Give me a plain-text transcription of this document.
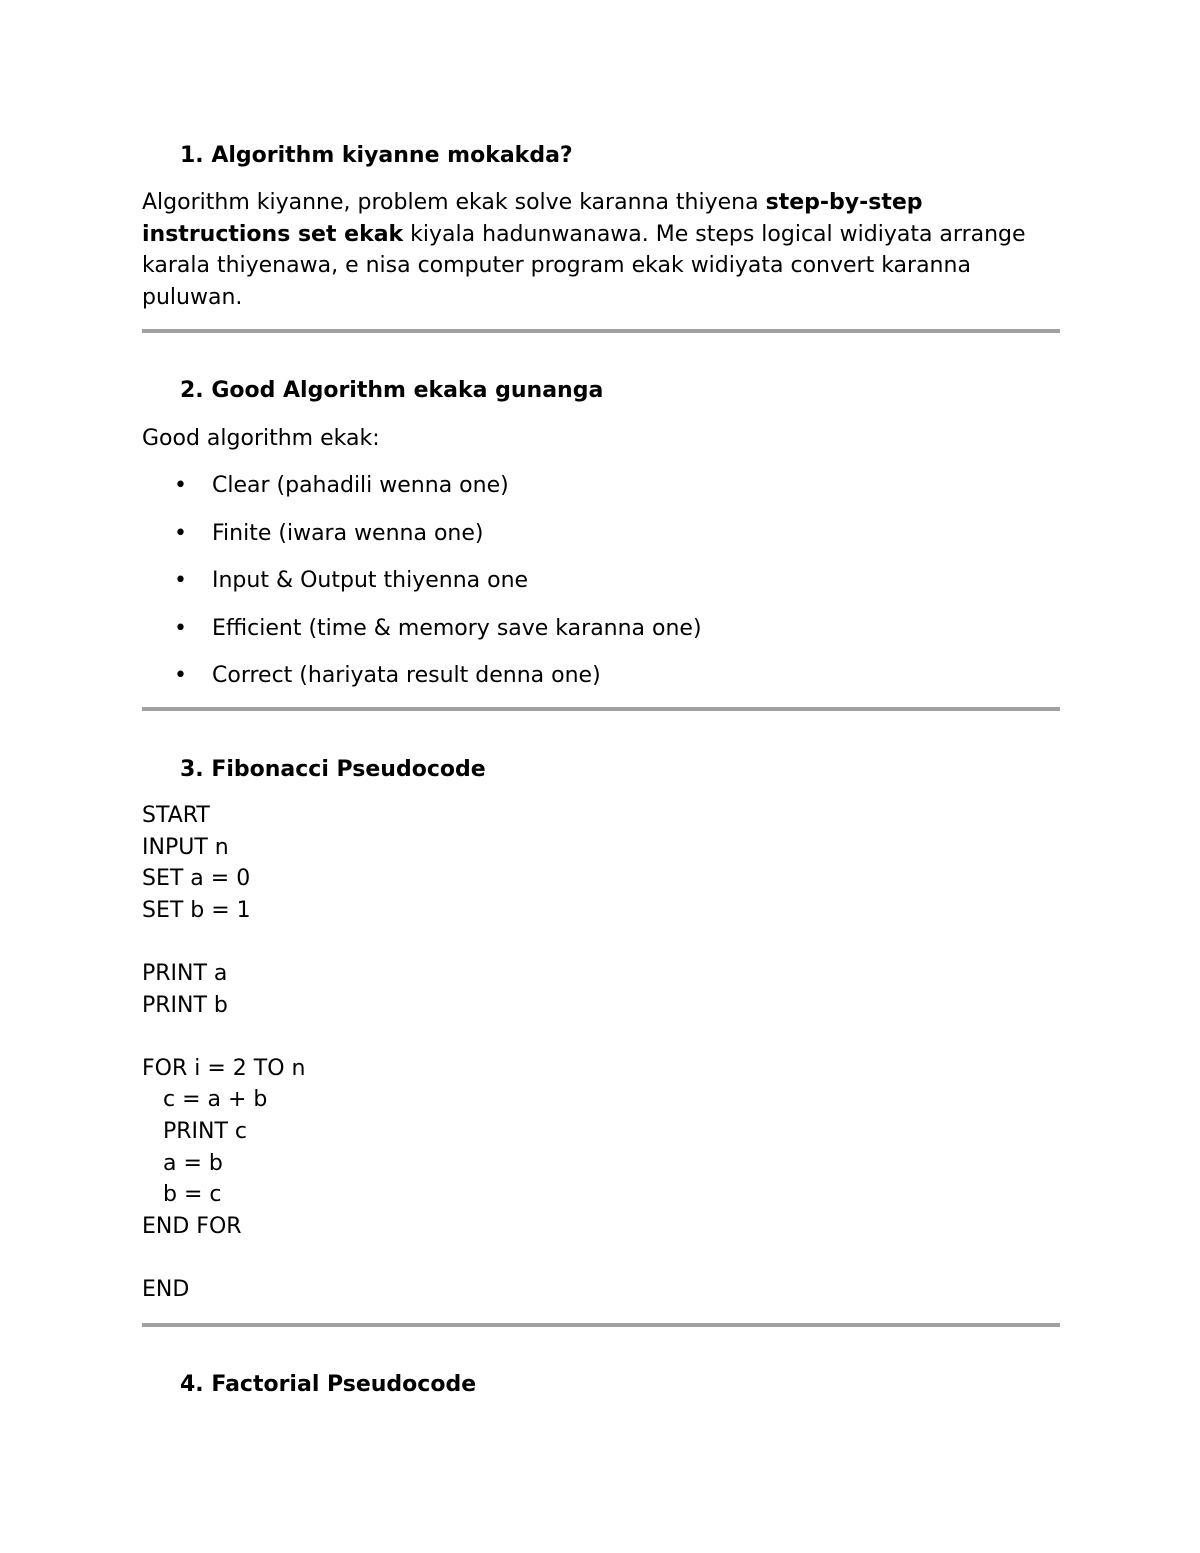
1. Algorithm kiyanne mokakda?
Algorithm kiyanne, problem ekak solve karanna thiyena step-by-step instructions set ekak kiyala hadunwanawa. Me steps logical widiyata arrange karala thiyenawa, e nisa computer program ekak widiyata convert karanna puluwan.
2. Good Algorithm ekaka gunanga
Good algorithm ekak:
• Clear (pahadili wenna one)
• Finite (iwara wenna one)
• Input & Output thiyenna one
• Efficient (time & memory save karanna one)
• Correct (hariyata result denna one)
3. Fibonacci Pseudocode
START
INPUT n
SET a = 0
SET b = 1

PRINT a
PRINT b

FOR i = 2 TO n
c = a + b
PRINT c
a = b
b = c
END FOR

END
4. Factorial Pseudocode
